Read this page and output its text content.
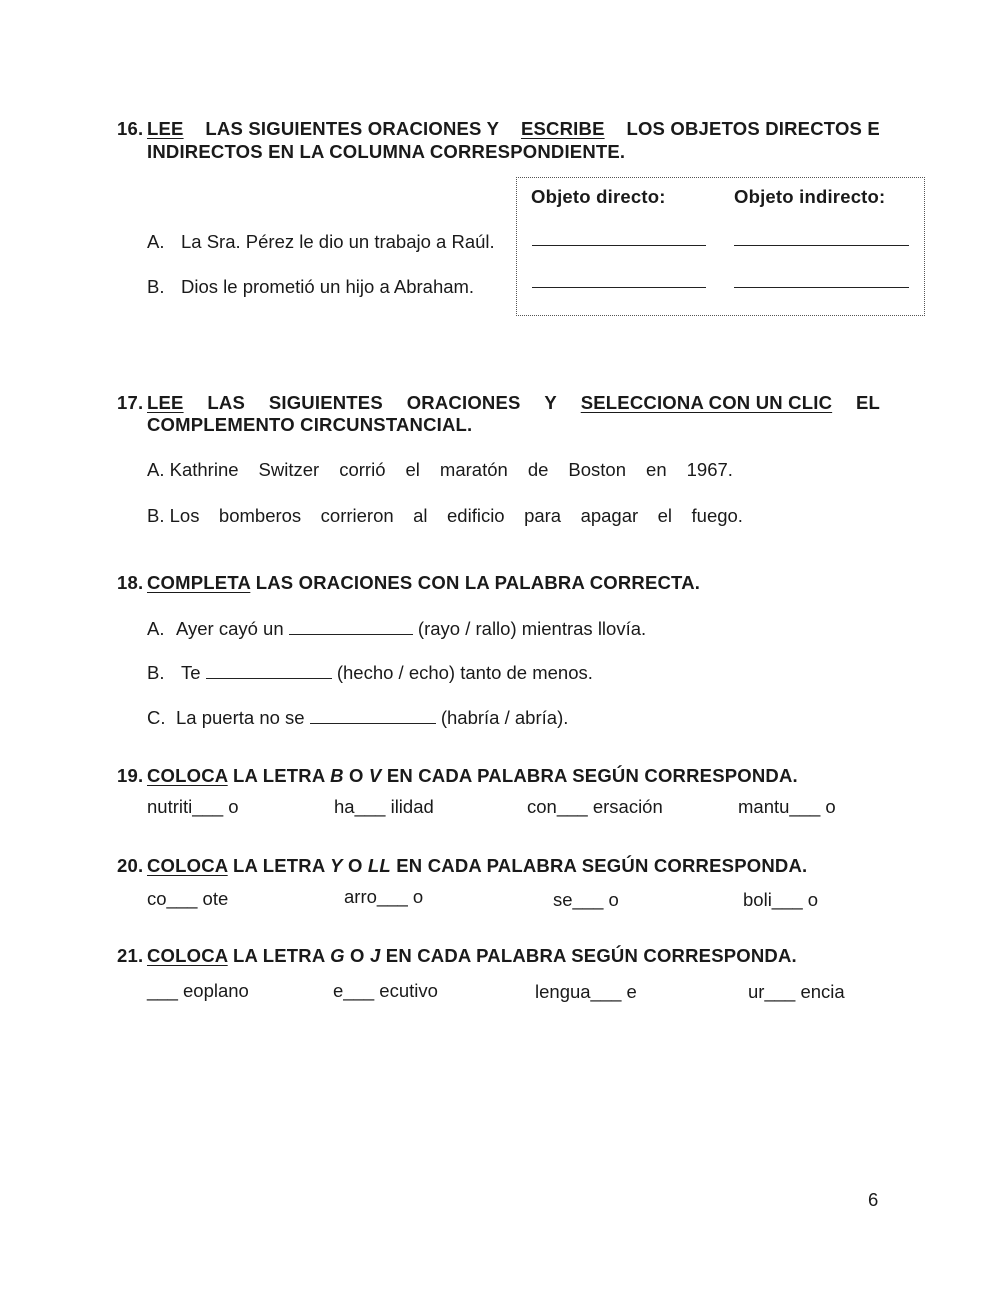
16. LEE LAS SIGUIENTES ORACIONES Y ESCRIBE LOS OBJETOS DIRECTOS E
INDIRECTOS EN LA COLUMNA CORRESPONDIENTE.
Objeto directo:	Objeto indirecto:
A. La Sra. Pérez le dio un trabajo a Raúl.
B. Dios le prometió un hijo a Abraham.
17. LEE LAS SIGUIENTES ORACIONES Y SELECCIONA CON UN CLIC EL
COMPLEMENTO CIRCUNSTANCIAL.
A. Kathrine Switzer corrió el maratón de Boston en 1967.
B. Los bomberos corrieron al edificio para apagar el fuego.
18. COMPLETA LAS ORACIONES CON LA PALABRA CORRECTA.
A. Ayer cayó un	(rayo / rallo) mientras llovía.
B. Te	(hecho / echo) tanto de menos.
C. La puerta no se	(habría / abría).
19. COLOCA LA LETRA B O V EN CADA PALABRA SEGÚN CORRESPONDA.
nutriti___ o	ha___ ilidad	con___ ersación	mantu___ o
20. COLOCA LA LETRA Y O LL EN CADA PALABRA SEGÚN CORRESPONDA.
co___ ote	arro___ o	se___ o	boli___ o
21. COLOCA LA LETRA G O J EN CADA PALABRA SEGÚN CORRESPONDA.
___ eoplano	e___ ecutivo	lengua___ e	ur___ encia
6
